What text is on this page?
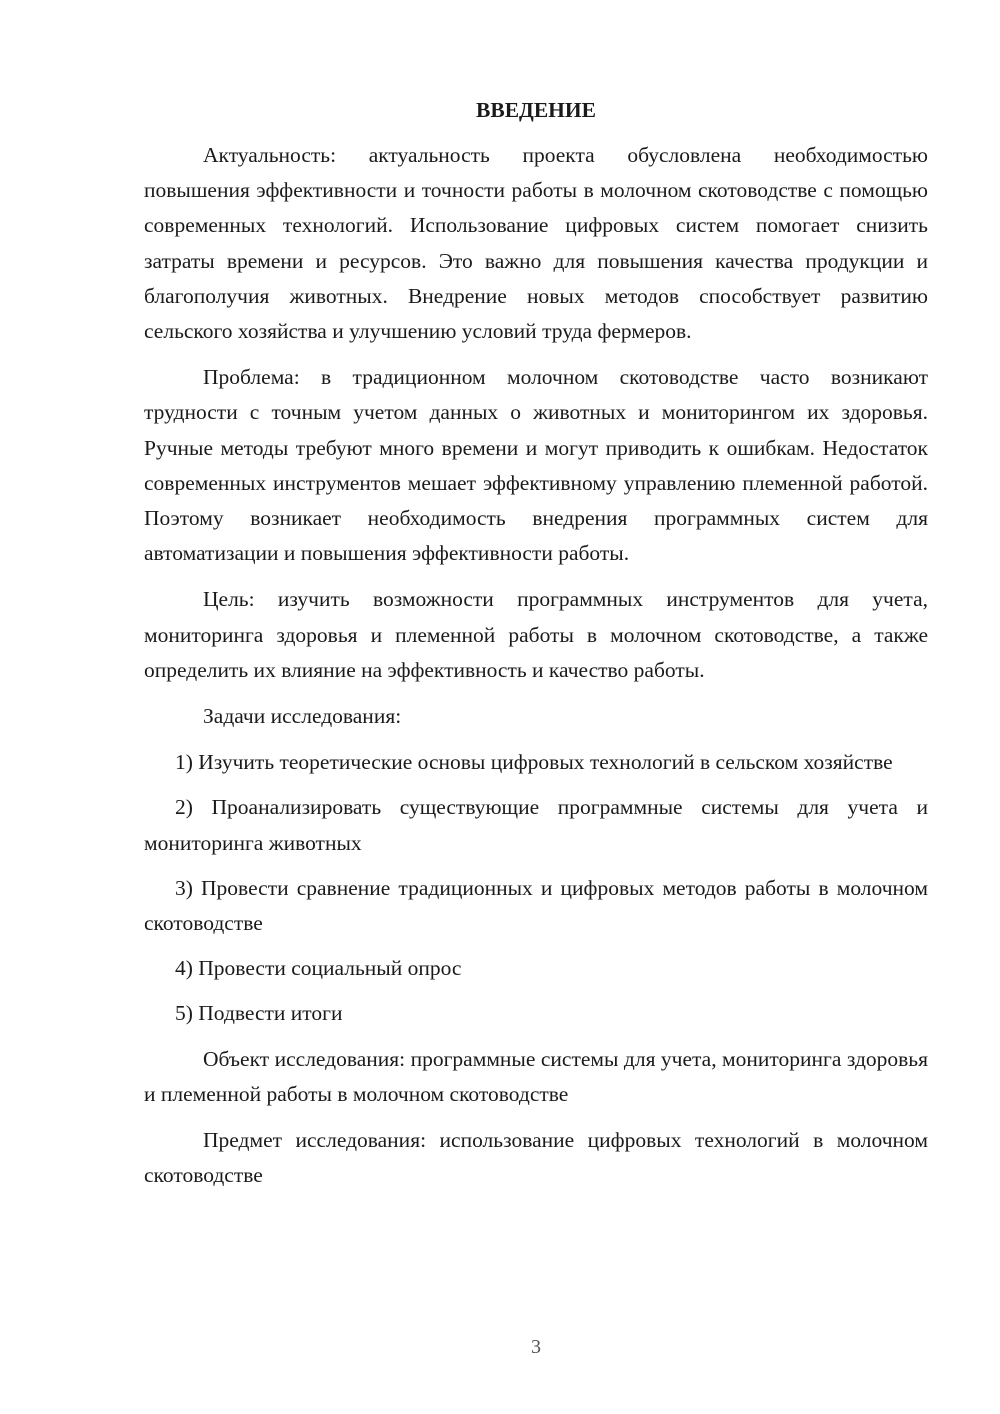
ВВЕДЕНИЕ

Актуальность: актуальность проекта обусловлена необходимостью повышения эффективности и точности работы в молочном скотоводстве с помощью современных технологий. Использование цифровых систем помогает снизить затраты времени и ресурсов. Это важно для повышения качества продукции и благополучия животных. Внедрение новых методов способствует развитию сельского хозяйства и улучшению условий труда фермеров.

Проблема: в традиционном молочном скотоводстве часто возникают трудности с точным учетом данных о животных и мониторингом их здоровья. Ручные методы требуют много времени и могут приводить к ошибкам. Недостаток современных инструментов мешает эффективному управлению племенной работой. Поэтому возникает необходимость внедрения программных систем для автоматизации и повышения эффективности работы.

Цель: изучить возможности программных инструментов для учета, мониторинга здоровья и племенной работы в молочном скотоводстве, а также определить их влияние на эффективность и качество работы.

Задачи исследования:

1) Изучить теоретические основы цифровых технологий в сельском хозяйстве

2) Проанализировать существующие программные системы для учета и мониторинга животных

3) Провести сравнение традиционных и цифровых методов работы в молочном скотоводстве

4) Провести социальный опрос

5) Подвести итоги

Объект исследования: программные системы для учета, мониторинга здоровья и племенной работы в молочном скотоводстве

Предмет исследования: использование цифровых технологий в молочном скотоводстве

3
